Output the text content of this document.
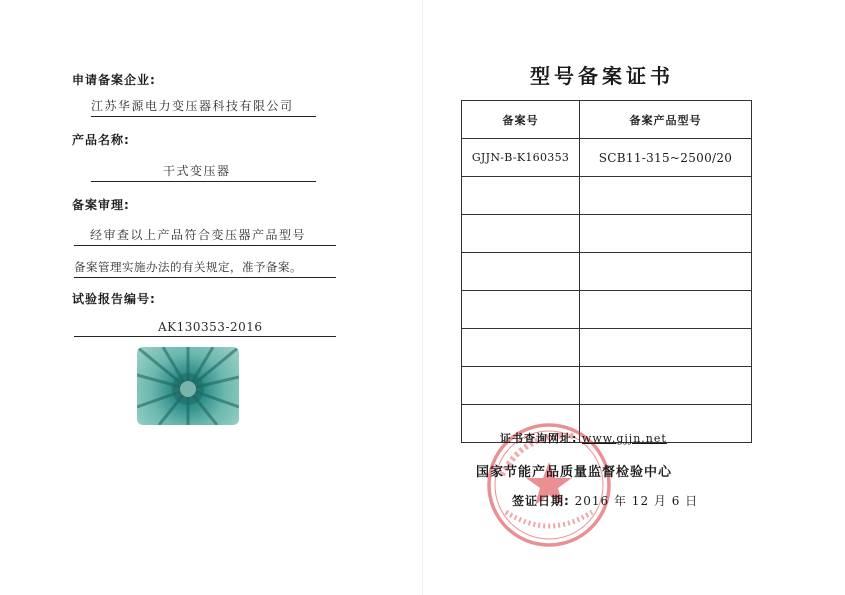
申请备案企业:
江苏华源电力变压器科技有限公司
产品名称:
干式变压器
备案审理:
经审查以上产品符合变压器产品型号
备案管理实施办法的有关规定，准予备案。
试验报告编号:
AK130353-2016
型号备案证书
备案号	备案产品型号
GJJN-B-K160353	SCB11-315~2500/20

证书查询网址: www.gjjn.net
国家节能产品质量监督检验中心
签证日期: 2016 年 12 月 6 日
